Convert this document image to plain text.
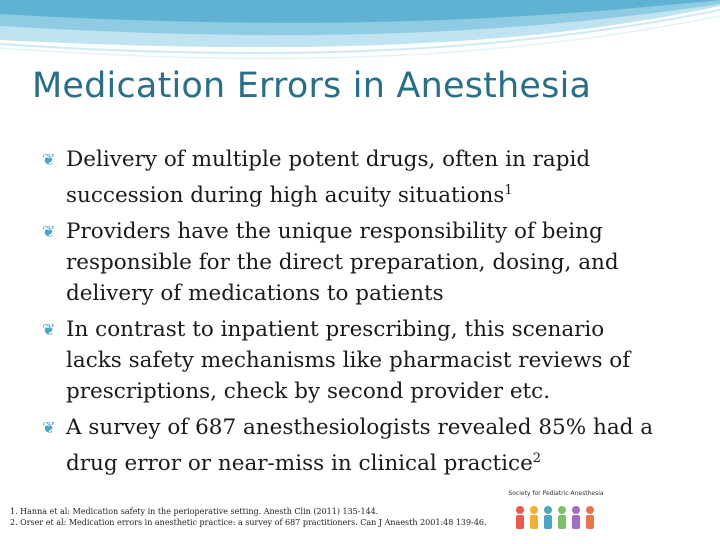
Medication Errors in Anesthesia
❦ Delivery of multiple potent drugs, often in rapid
succession during high acuity situations$^1$
❦ Providers have the unique responsibility of being
responsible for the direct preparation, dosing, and
delivery of medications to patients
❦ In contrast to inpatient prescribing, this scenario
lacks safety mechanisms like pharmacist reviews of
prescriptions, check by second provider etc.
❦ A survey of 687 anesthesiologists revealed 85% had a
drug error or near-miss in clinical practice$^2$
1. Hanna et al: Medication safety in the perioperative setting. Anesth Clin (2011) 135-144.
2. Orser et al: Medication errors in anesthetic practice: a survey of 687 practitioners. Can J Anaesth 2001:48 139-46.
Society for Pediatric Anesthesia
